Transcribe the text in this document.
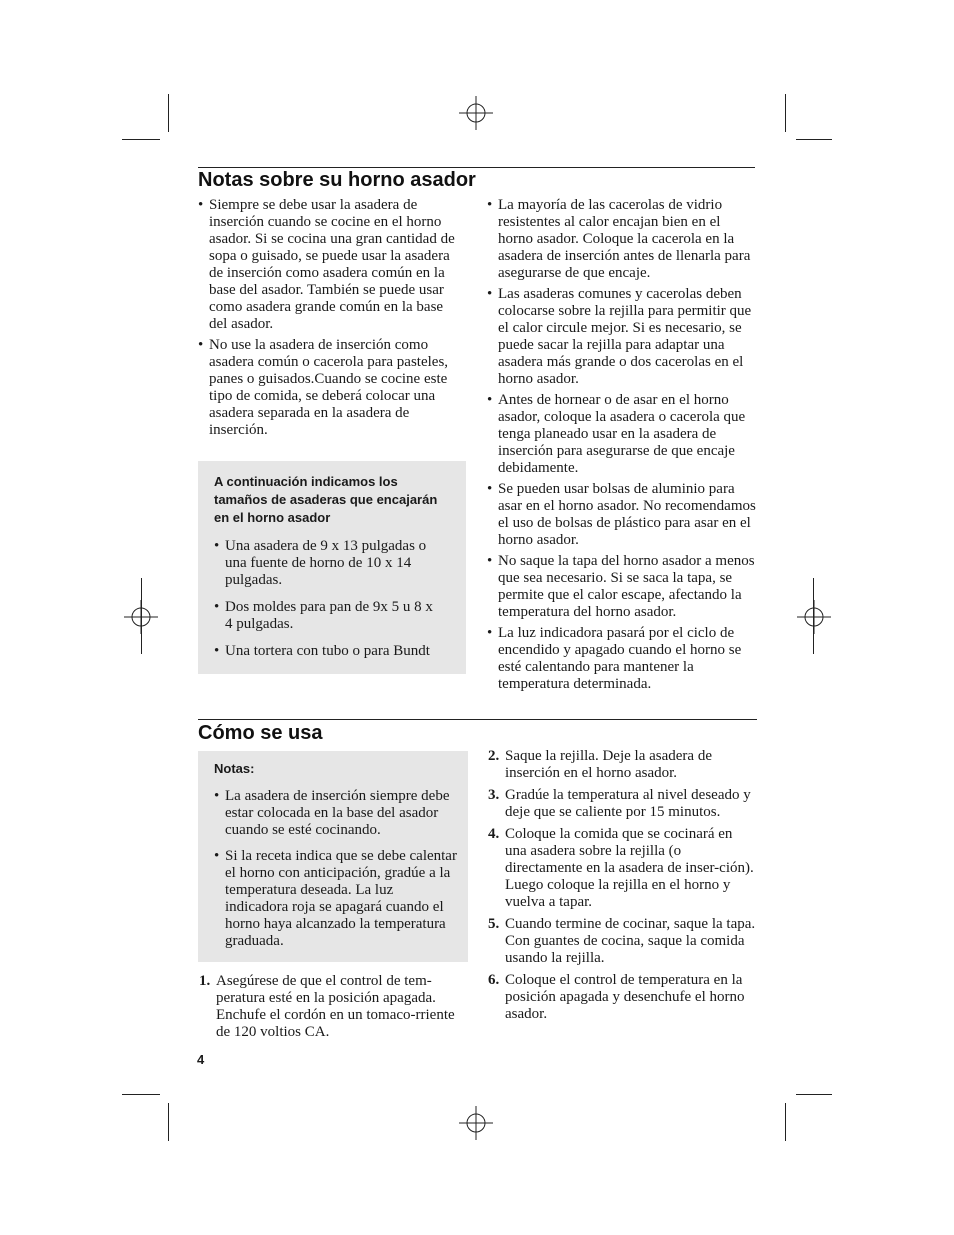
Notas sobre su horno asador

• Siempre se debe usar la asadera de inserción cuando se cocine en el horno asador. Si se cocina una gran cantidad de sopa o guisado, se puede usar la asadera de inserción como asadera común en la base del asador. También se puede usar como asadera grande común en la base del asador.

• No use la asadera de inserción como asadera común o cacerola para pasteles, panes o guisados.Cuando se cocine este tipo de comida, se deberá colocar una asadera separada en la asadera de inserción.

A continuación indicamos los tamaños de asaderas que encajarán en el horno asador

• Una asadera de 9 x 13 pulgadas o una fuente de horno de 10 x 14 pulgadas.

• Dos moldes para pan de 9x 5 u 8 x 4 pulgadas.

• Una tortera con tubo o para Bundt

• La mayoría de las cacerolas de vidrio resistentes al calor encajan bien en el horno asador. Coloque la cacerola en la asadera de inserción antes de llenarla para asegurarse de que encaje.

• Las asaderas comunes y cacerolas deben colocarse sobre la rejilla para permitir que el calor circule mejor. Si es necesario, se puede sacar la rejilla para adaptar una asadera más grande o dos cacerolas en el horno asador.

• Antes de hornear o de asar en el horno asador, coloque la asadera o cacerola que tenga planeado usar en la asadera de inserción para asegurarse de que encaje debidamente.

• Se pueden usar bolsas de aluminio para asar en el horno asador. No recomendamos el uso de bolsas de plástico para asar en el horno asador.

• No saque la tapa del horno asador a menos que sea necesario. Si se saca la tapa, se permite que el calor escape, afectando la temperatura del horno asador.

• La luz indicadora pasará por el ciclo de encendido y apagado cuando el horno se esté calentando para mantener la temperatura determinada.

Cómo se usa

Notas:

• La asadera de inserción siempre debe estar colocada en la base del asador cuando se esté cocinando.

• Si la receta indica que se debe calentar el horno con anticipación, gradúe a la temperatura deseada. La luz indicadora roja se apagará cuando el horno haya alcanzado la temperatura graduada.

1. Asegúrese de que el control de tem-peratura esté en la posición apagada. Enchufe el cordón en un tomaco-rriente de 120 voltios CA.
2. Saque la rejilla. Deje la asadera de inserción en el horno asador.
3. Gradúe la temperatura al nivel deseado y deje que se caliente por 15 minutos.
4. Coloque la comida que se cocinará en una asadera sobre la rejilla (o directamente en la asadera de inser-ción). Luego coloque la rejilla en el horno y vuelva a tapar.
5. Cuando termine de cocinar, saque la tapa. Con guantes de cocina, saque la comida usando la rejilla.
6. Coloque el control de temperatura en la posición apagada y desenchufe el horno asador.
4
